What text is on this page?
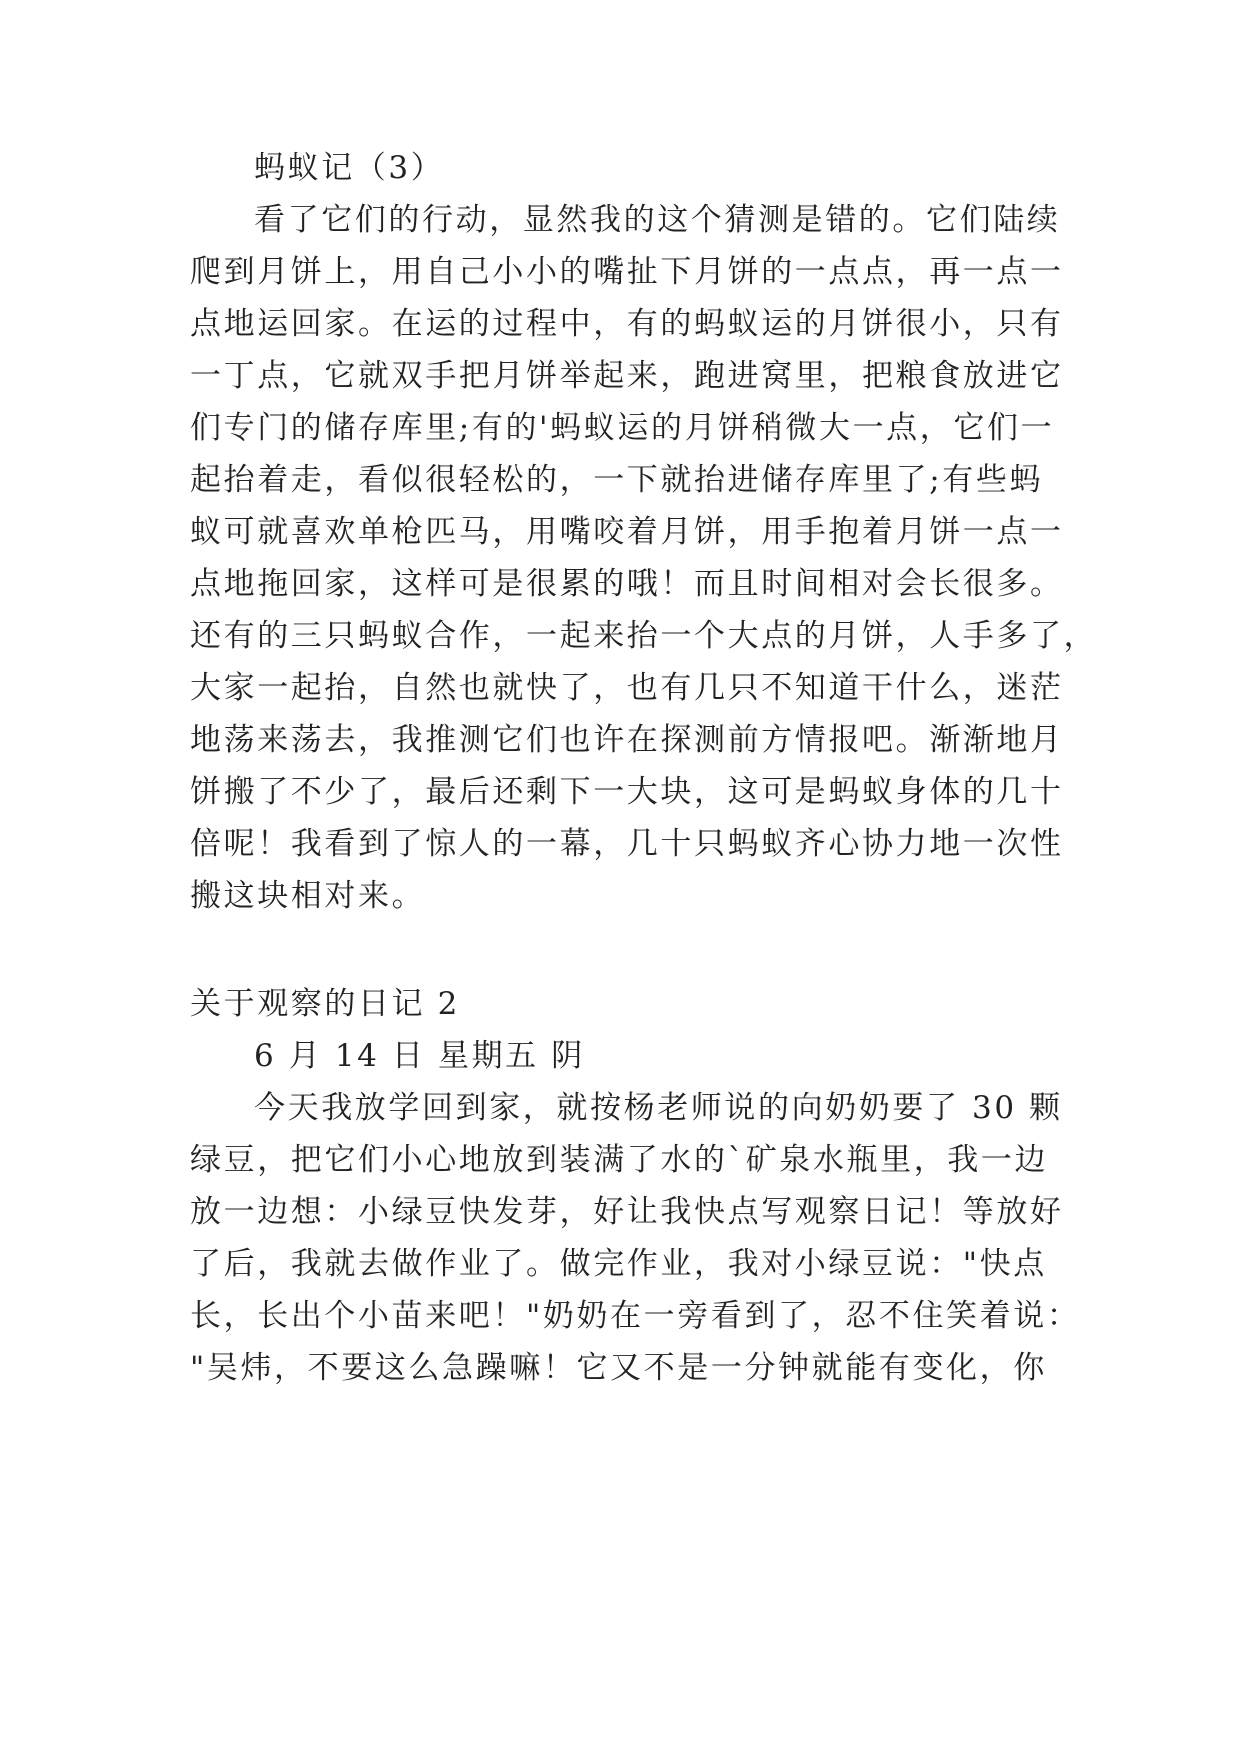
蚂蚁记（3）
看了它们的行动，显然我的这个猜测是错的。它们陆续
爬到月饼上，用自己小小的嘴扯下月饼的一点点，再一点一
点地运回家。在运的过程中，有的蚂蚁运的月饼很小，只有
一丁点，它就双手把月饼举起来，跑进窝里，把粮食放进它
们专门的储存库里;有的'蚂蚁运的月饼稍微大一点，它们一
起抬着走，看似很轻松的，一下就抬进储存库里了;有些蚂
蚁可就喜欢单枪匹马，用嘴咬着月饼，用手抱着月饼一点一
点地拖回家，这样可是很累的哦！而且时间相对会长很多。
还有的三只蚂蚁合作，一起来抬一个大点的月饼，人手多了，
大家一起抬，自然也就快了，也有几只不知道干什么，迷茫
地荡来荡去，我推测它们也许在探测前方情报吧。渐渐地月
饼搬了不少了，最后还剩下一大块，这可是蚂蚁身体的几十
倍呢！我看到了惊人的一幕，几十只蚂蚁齐心协力地一次性
搬这块相对来。
关于观察的日记 2
6 月 14 日 星期五 阴
今天我放学回到家，就按杨老师说的向奶奶要了 30 颗
绿豆，把它们小心地放到装满了水的`矿泉水瓶里，我一边
放一边想：小绿豆快发芽，好让我快点写观察日记！等放好
了后，我就去做作业了。做完作业，我对小绿豆说："快点
长，长出个小苗来吧！"奶奶在一旁看到了，忍不住笑着说：
"吴炜，不要这么急躁嘛！它又不是一分钟就能有变化，你
